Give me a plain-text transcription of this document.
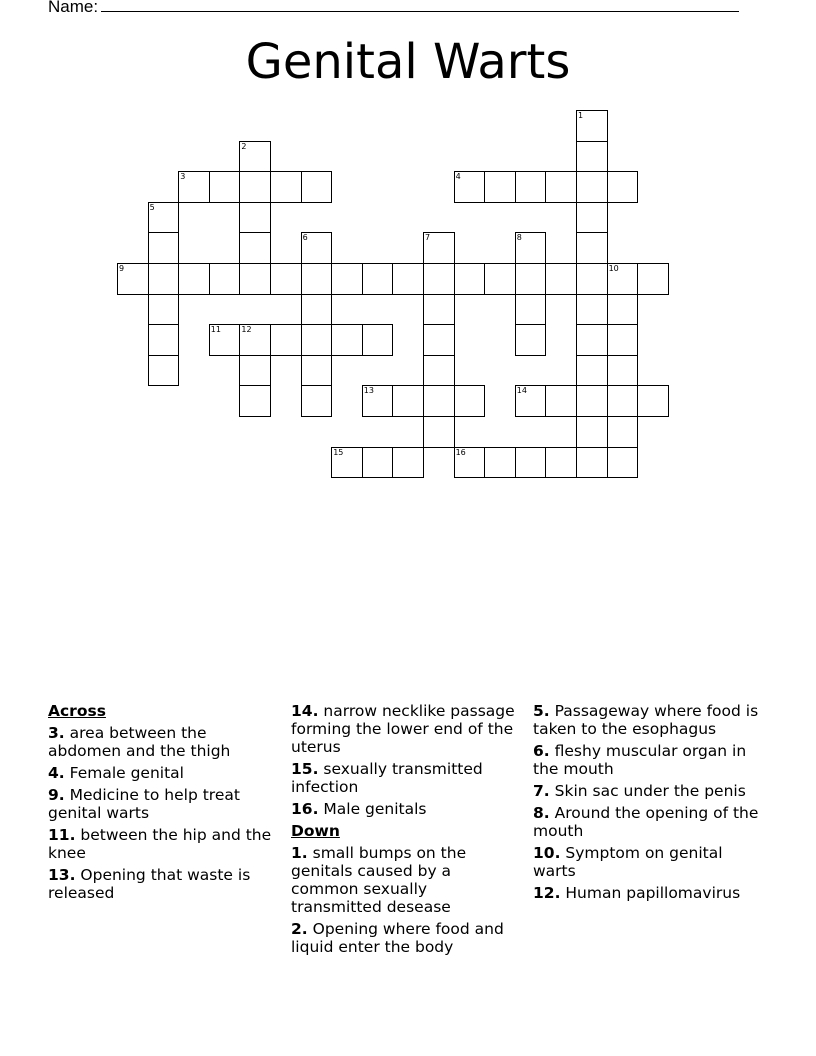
Name:
Genital Warts
1
2
3	4
5
6	7	8
9	10
11	12
13	14
15	16
Across
3. area between the abdomen and the thigh
4. Female genital
9. Medicine to help treat genital warts
11. between the hip and the knee
13. Opening that waste is released
14. narrow necklike passage forming the lower end of the uterus
15. sexually transmitted infection
16. Male genitals
Down
1. small bumps on the genitals caused by a common sexually transmitted desease
2. Opening where food and liquid enter the body
5. Passageway where food is taken to the esophagus
6. fleshy muscular organ in the mouth
7. Skin sac under the penis
8. Around the opening of the mouth
10. Symptom on genital warts
12. Human papillomavirus
